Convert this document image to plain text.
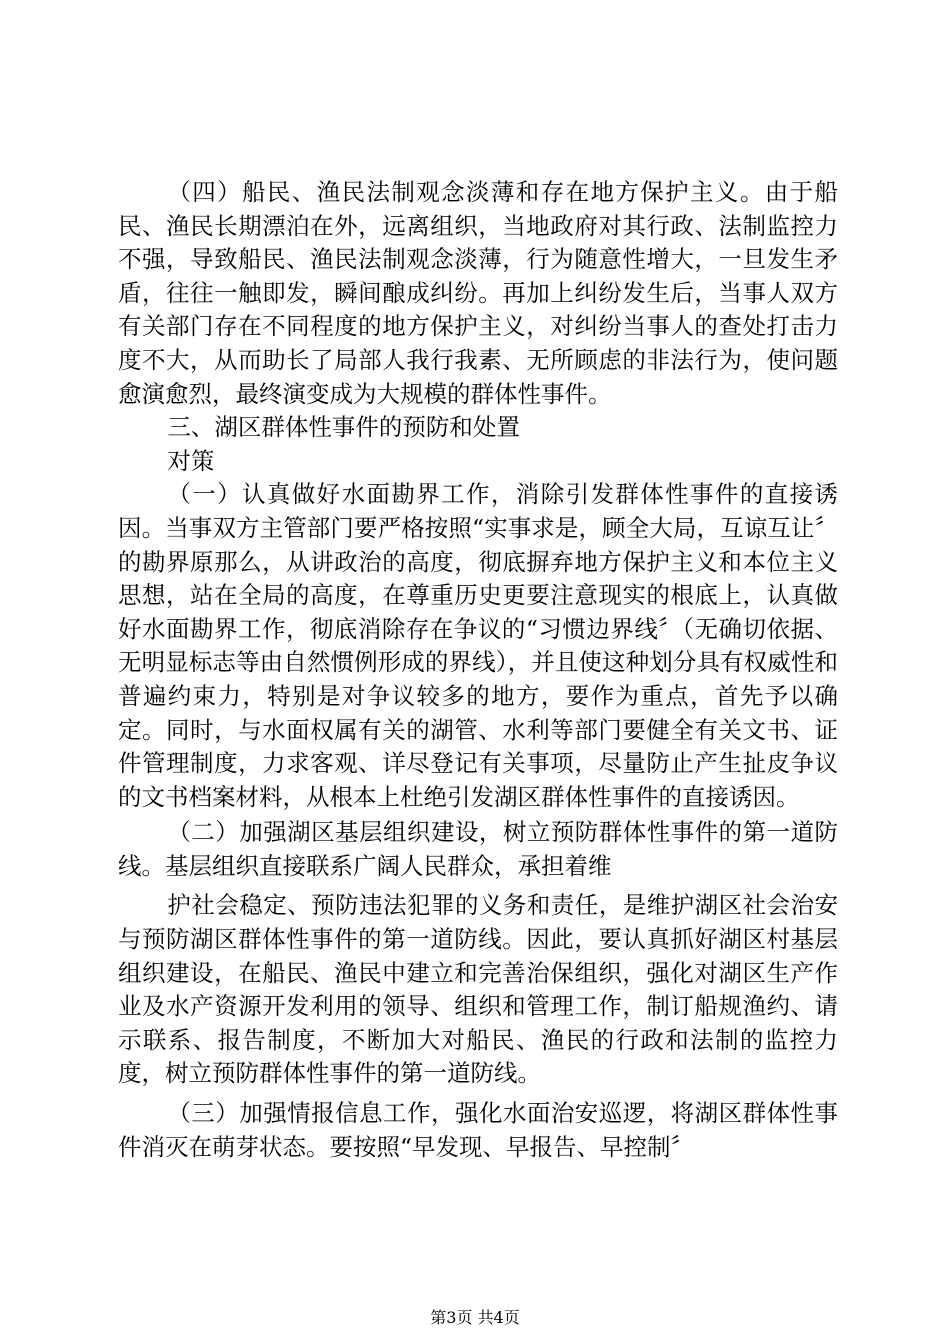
（四）船民、渔民法制观念淡薄和存在地方保护主义。由于船民、渔民长期漂泊在外，远离组织，当地政府对其行政、法制监控力不强，导致船民、渔民法制观念淡薄，行为随意性增大，一旦发生矛盾，往往一触即发，瞬间酿成纠纷。再加上纠纷发生后，当事人双方有关部门存在不同程度的地方保护主义，对纠纷当事人的查处打击力度不大，从而助长了局部人我行我素、无所顾虑的非法行为，使问题愈演愈烈，最终演变成为大规模的群体性事件。

三、湖区群体性事件的预防和处置

对策

（一）认真做好水面勘界工作，消除引发群体性事件的直接诱因。当事双方主管部门要严格按照“实事求是，顾全大局，互谅互让〞的勘界原那么，从讲政治的高度，彻底摒弃地方保护主义和本位主义思想，站在全局的高度，在尊重历史更要注意现实的根底上，认真做好水面勘界工作，彻底消除存在争议的“习惯边界线〞（无确切依据、无明显标志等由自然惯例形成的界线），并且使这种划分具有权威性和普遍约束力，特别是对争议较多的地方，要作为重点，首先予以确定。同时，与水面权属有关的湖管、水利等部门要健全有关文书、证件管理制度，力求客观、详尽登记有关事项，尽量防止产生扯皮争议的文书档案材料，从根本上杜绝引发湖区群体性事件的直接诱因。

（二）加强湖区基层组织建设，树立预防群体性事件的第一道防线。基层组织直接联系广阔人民群众，承担着维

护社会稳定、预防违法犯罪的义务和责任，是维护湖区社会治安与预防湖区群体性事件的第一道防线。因此，要认真抓好湖区村基层组织建设，在船民、渔民中建立和完善治保组织，强化对湖区生产作业及水产资源开发利用的领导、组织和管理工作，制订船规渔约、请示联系、报告制度，不断加大对船民、渔民的行政和法制的监控力度，树立预防群体性事件的第一道防线。

（三）加强情报信息工作，强化水面治安巡逻，将湖区群体性事件消灭在萌芽状态。要按照“早发现、早报告、早控制〞

第3页 共4页
